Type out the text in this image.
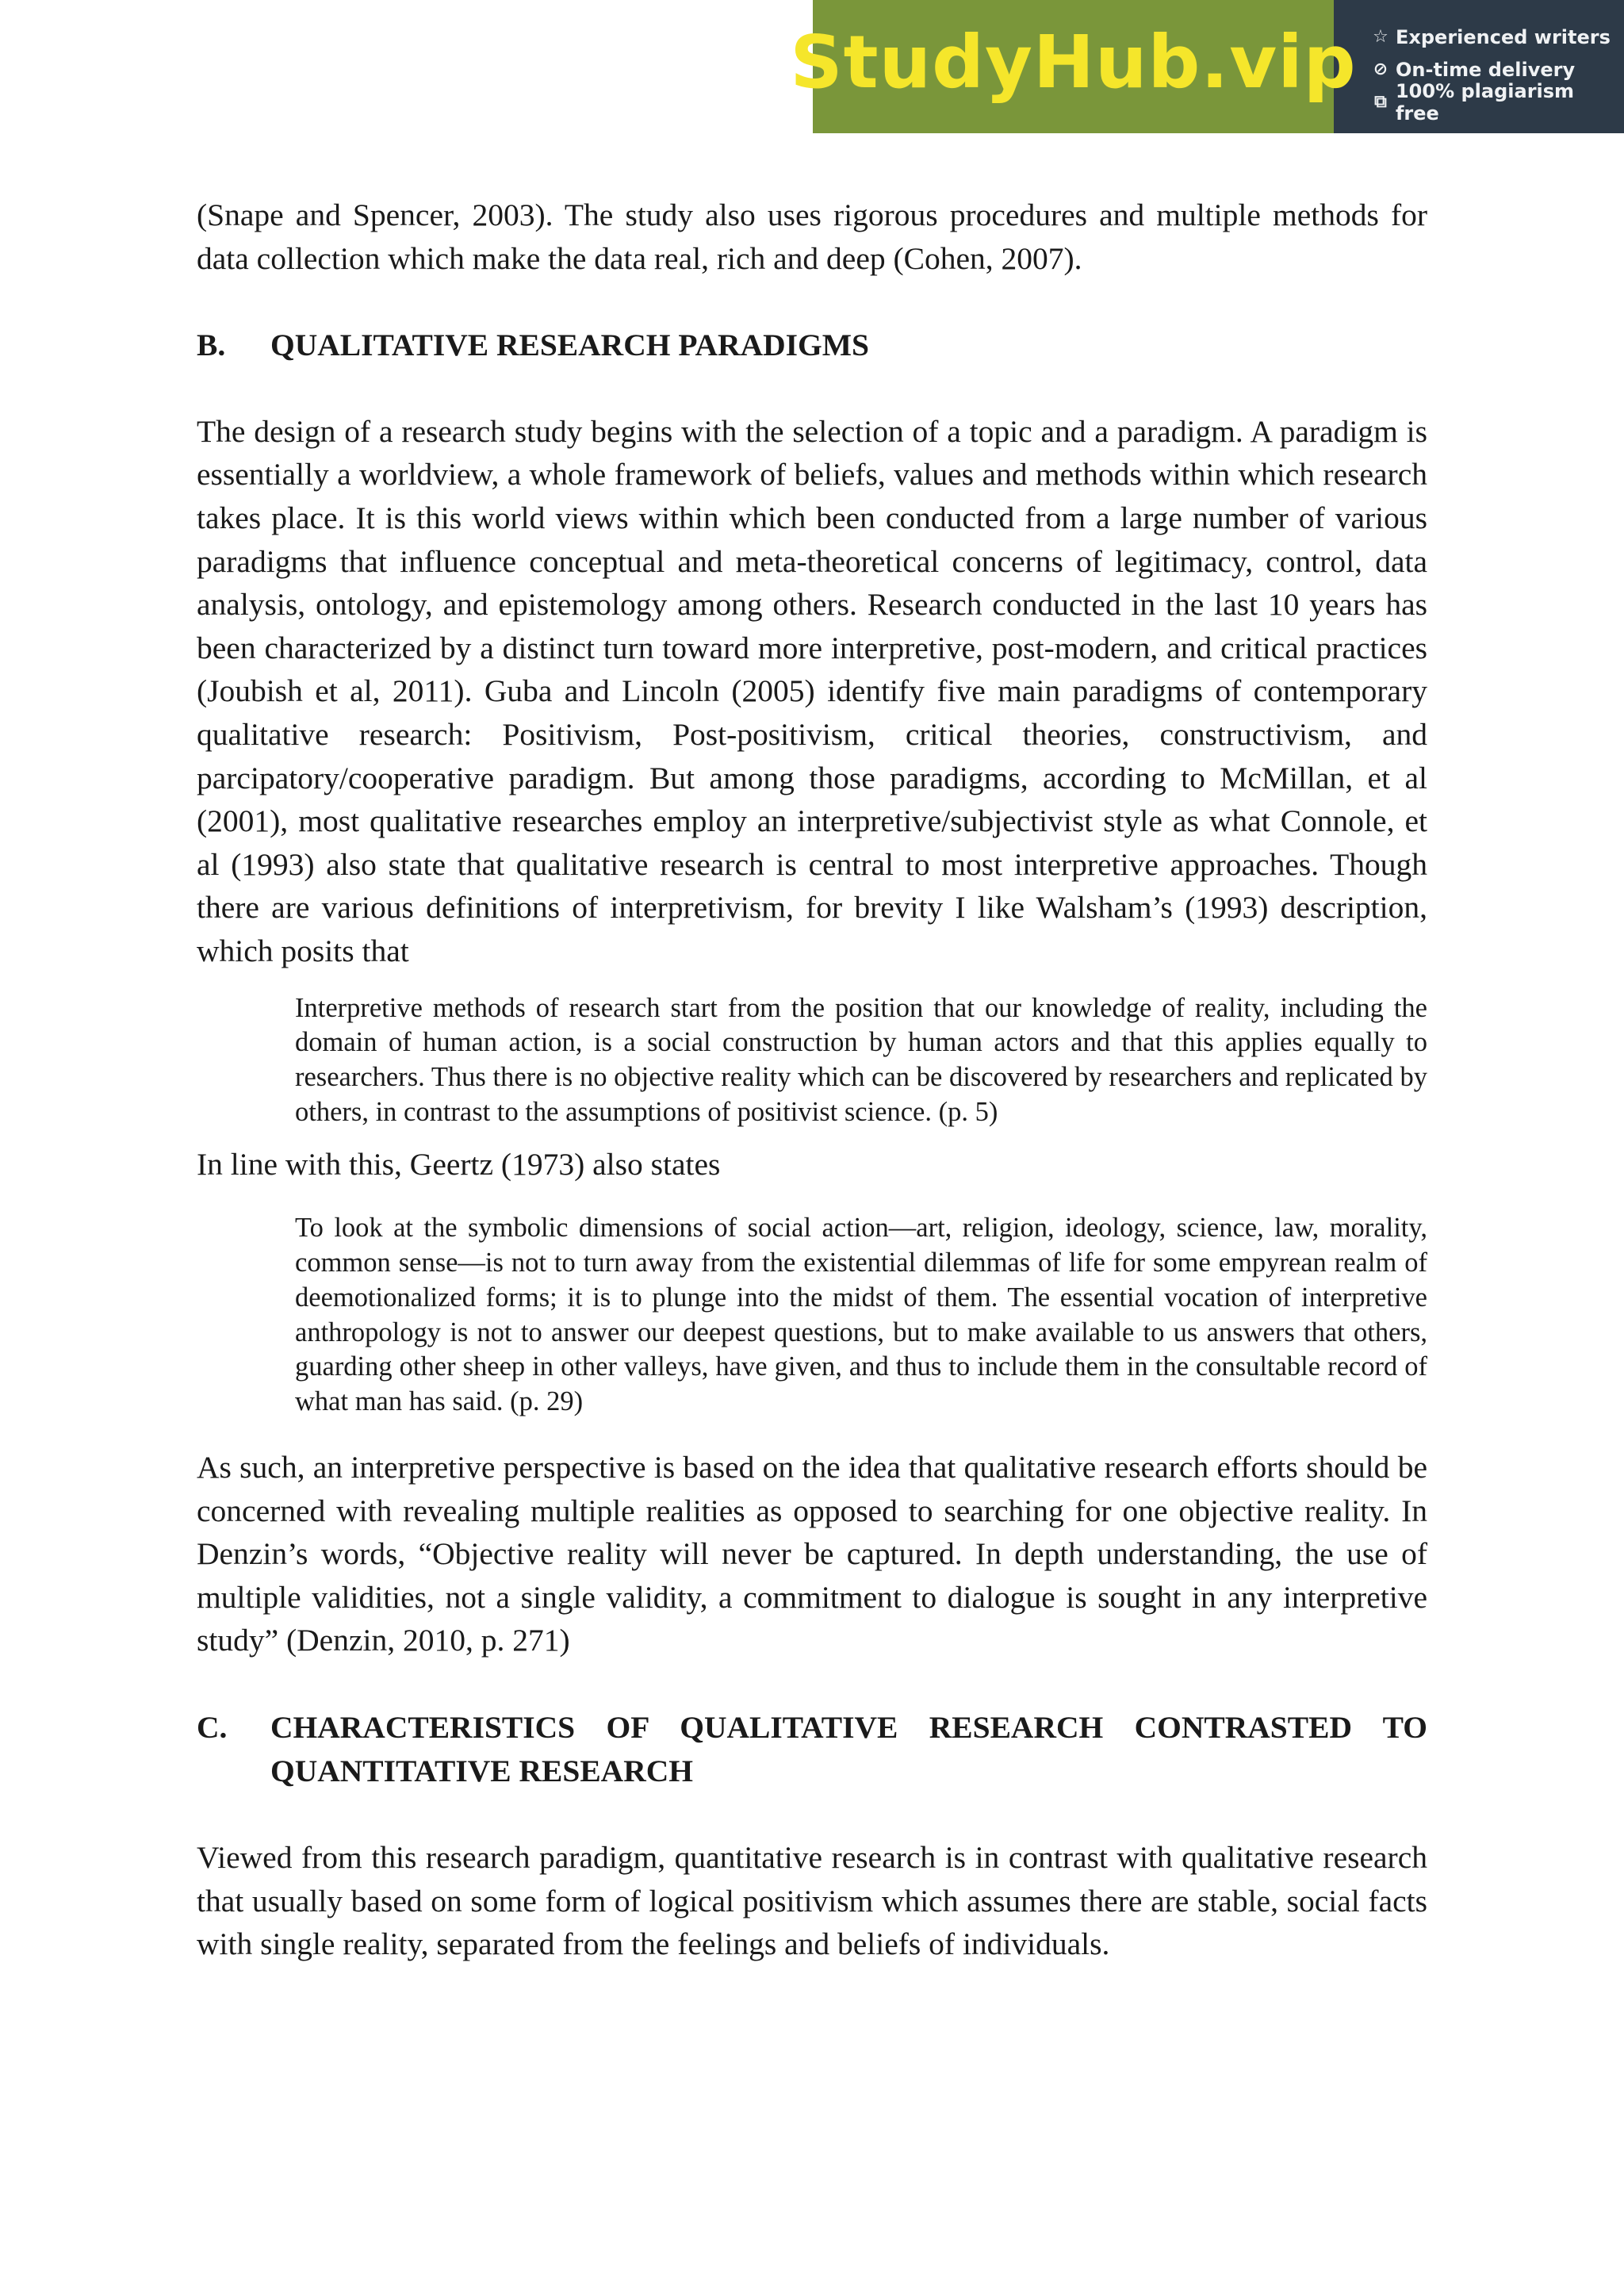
StudyHub.vip ☆ Experienced writers
⊘ On-time delivery
⧉ 100% plagiarism free

(Snape and Spencer, 2003). The study also uses rigorous procedures and multiple methods for data collection which make the data real, rich and deep (Cohen, 2007).

B.	QUALITATIVE RESEARCH PARADIGMS

The design of a research study begins with the selection of a topic and a paradigm. A paradigm is essentially a worldview, a whole framework of beliefs, values and methods within which research takes place. It is this world views within which been conducted from a large number of various paradigms that influence conceptual and meta-theoretical concerns of legitimacy, control, data analysis, ontology, and epistemology among others. Research conducted in the last 10 years has been characterized by a distinct turn toward more interpretive, post-modern, and critical practices (Joubish et al, 2011). Guba and Lincoln (2005) identify five main paradigms of contemporary qualitative research: Positivism, Post-positivism, critical theories, constructivism, and parcipatory/cooperative paradigm. But among those paradigms, according to McMillan, et al (2001), most qualitative researches employ an interpretive/subjectivist style as what Connole, et al (1993) also state that qualitative research is central to most interpretive approaches. Though there are various definitions of interpretivism, for brevity I like Walsham’s (1993) description, which posits that

Interpretive methods of research start from the position that our knowledge of reality, including the domain of human action, is a social construction by human actors and that this applies equally to researchers. Thus there is no objective reality which can be discovered by researchers and replicated by others, in contrast to the assumptions of positivist science. (p. 5)

In line with this, Geertz (1973) also states

To look at the symbolic dimensions of social action—art, religion, ideology, science, law, morality, common sense—is not to turn away from the existential dilemmas of life for some empyrean realm of deemotionalized forms; it is to plunge into the midst of them. The essential vocation of interpretive anthropology is not to answer our deepest questions, but to make available to us answers that others, guarding other sheep in other valleys, have given, and thus to include them in the consultable record of what man has said. (p. 29)

As such, an interpretive perspective is based on the idea that qualitative research efforts should be concerned with revealing multiple realities as opposed to searching for one objective reality. In Denzin’s words, “Objective reality will never be captured. In depth understanding, the use of multiple validities, not a single validity, a commitment to dialogue is sought in any interpretive study” (Denzin, 2010, p. 271)

C.	CHARACTERISTICS OF QUALITATIVE RESEARCH CONTRASTED TO QUANTITATIVE RESEARCH

Viewed from this research paradigm, quantitative research is in contrast with qualitative research that usually based on some form of logical positivism which assumes there are stable, social facts with single reality, separated from the feelings and beliefs of individuals.
